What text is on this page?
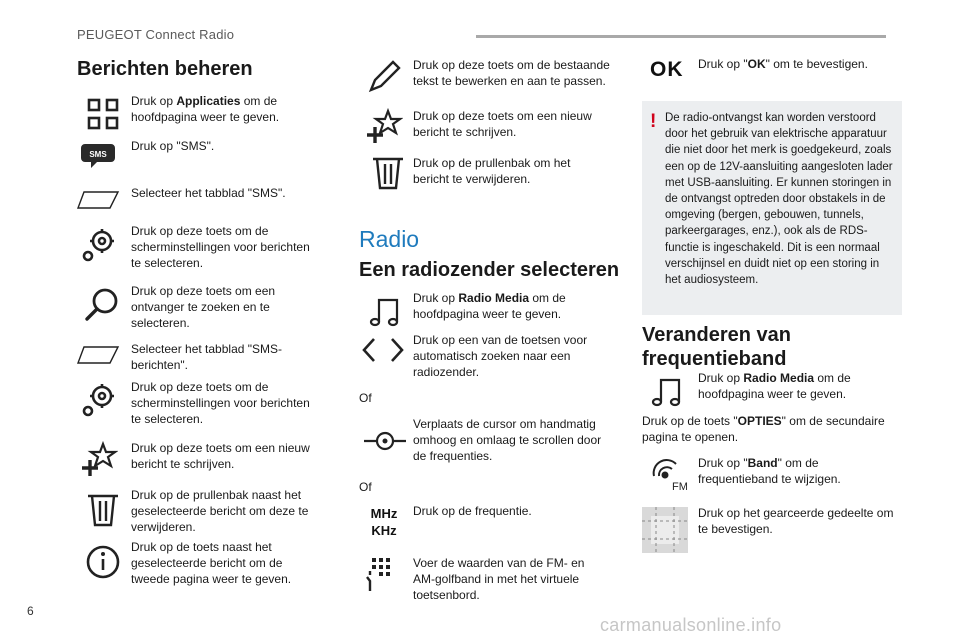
PEUGEOT Connect Radio
Berichten beheren
Druk op Applicaties om de hoofdpagina weer te geven.
SMS
Druk op "SMS".
Selecteer het tabblad "SMS".
Druk op deze toets om de scherminstellingen voor berichten te selecteren.
Druk op deze toets om een ontvanger te zoeken en te selecteren.
Selecteer het tabblad "SMS-berichten".
Druk op deze toets om de scherminstellingen voor berichten te selecteren.
Druk op deze toets om een nieuw bericht te schrijven.
Druk op de prullenbak naast het geselecteerde bericht om deze te verwijderen.
Druk op de toets naast het geselecteerde bericht om de tweede pagina weer te geven.
Druk op deze toets om de bestaande tekst te bewerken en aan te passen.
Druk op deze toets om een nieuw bericht te schrijven.
Druk op de prullenbak om het bericht te verwijderen.
Radio
Een radiozender selecteren
Druk op Radio Media om de hoofdpagina weer te geven.
Druk op een van de toetsen voor automatisch zoeken naar een radiozender.
Of
Verplaats de cursor om handmatig omhoog en omlaag te scrollen door de frequenties.
Of
MHz
KHz
Druk op de frequentie.
Voer de waarden van de FM- en AM-golfband in met het virtuele toetsenbord.
OK Druk op "OK" om te bevestigen.
! De radio-ontvangst kan worden verstoord door het gebruik van elektrische apparatuur die niet door het merk is goedgekeurd, zoals een op de 12V-aansluiting aangesloten lader met USB-aansluiting. Er kunnen storingen in de ontvangst optreden door obstakels in de omgeving (bergen, gebouwen, tunnels, parkeergarages, enz.), ook als de RDS-functie is ingeschakeld. Dit is een normaal verschijnsel en duidt niet op een storing in het audiosysteem.
Veranderen van frequentieband
Druk op Radio Media om de hoofdpagina weer te geven.
Druk op de toets "OPTIES" om de secundaire pagina te openen.
FM
Druk op "Band" om de frequentieband te wijzigen.
Druk op het gearceerde gedeelte om te bevestigen.
6
carmanualsonline.info
